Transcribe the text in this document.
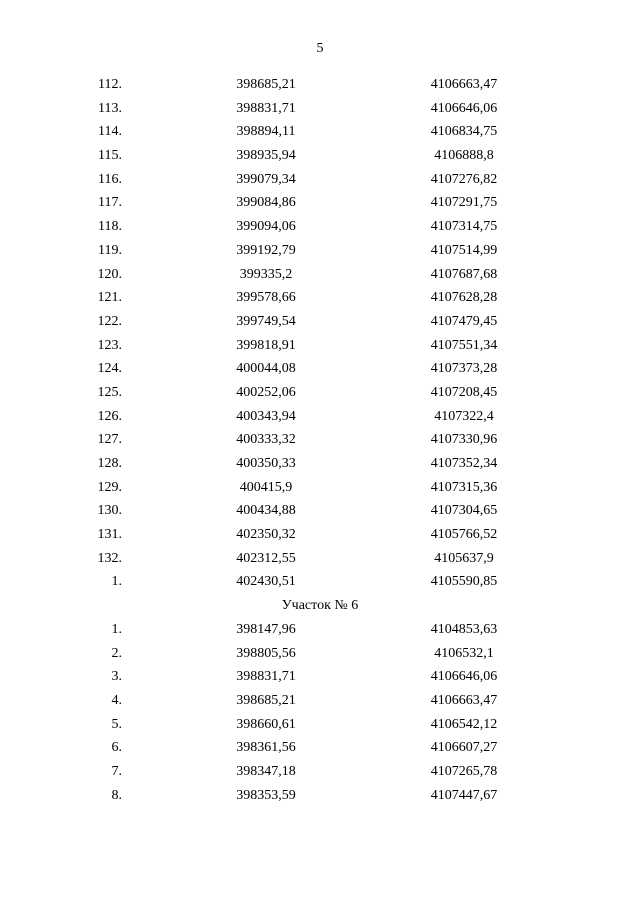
5
112.	398685,21	4106663,47
113.	398831,71	4106646,06
114.	398894,11	4106834,75
115.	398935,94	4106888,8
116.	399079,34	4107276,82
117.	399084,86	4107291,75
118.	399094,06	4107314,75
119.	399192,79	4107514,99
120.	399335,2	4107687,68
121.	399578,66	4107628,28
122.	399749,54	4107479,45
123.	399818,91	4107551,34
124.	400044,08	4107373,28
125.	400252,06	4107208,45
126.	400343,94	4107322,4
127.	400333,32	4107330,96
128.	400350,33	4107352,34
129.	400415,9	4107315,36
130.	400434,88	4107304,65
131.	402350,32	4105766,52
132.	402312,55	4105637,9
1.	402430,51	4105590,85
Участок № 6
1.	398147,96	4104853,63
2.	398805,56	4106532,1
3.	398831,71	4106646,06
4.	398685,21	4106663,47
5.	398660,61	4106542,12
6.	398361,56	4106607,27
7.	398347,18	4107265,78
8.	398353,59	4107447,67
